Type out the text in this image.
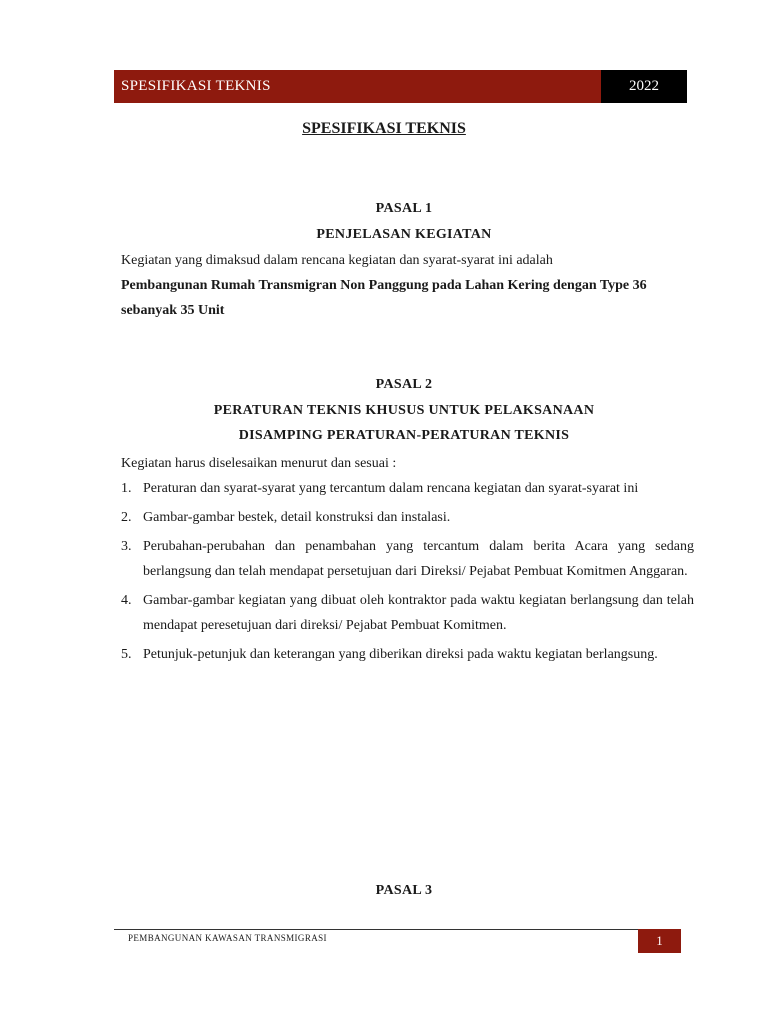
SPESIFIKASI TEKNIS	2022
SPESIFIKASI TEKNIS
PASAL 1
PENJELASAN KEGIATAN
Kegiatan yang dimaksud dalam rencana kegiatan dan syarat-syarat ini adalah
Pembangunan Rumah Transmigran Non Panggung pada Lahan Kering dengan Type 36 sebanyak 35 Unit
PASAL 2
PERATURAN TEKNIS KHUSUS UNTUK PELAKSANAAN
DISAMPING PERATURAN-PERATURAN TEKNIS
Kegiatan harus diselesaikan menurut dan sesuai :
1. Peraturan dan syarat-syarat yang tercantum dalam rencana kegiatan dan syarat-syarat ini
2. Gambar-gambar bestek, detail konstruksi dan instalasi.
3. Perubahan-perubahan dan penambahan yang tercantum dalam berita Acara yang sedang berlangsung dan telah mendapat persetujuan dari Direksi/ Pejabat Pembuat Komitmen Anggaran.
4. Gambar-gambar kegiatan yang dibuat oleh kontraktor pada waktu kegiatan berlangsung dan telah mendapat peresetujuan dari direksi/ Pejabat Pembuat Komitmen.
5. Petunjuk-petunjuk dan keterangan yang diberikan direksi pada waktu kegiatan berlangsung.
PASAL 3
PEMBANGUNAN KAWASAN TRANSMIGRASI	1
